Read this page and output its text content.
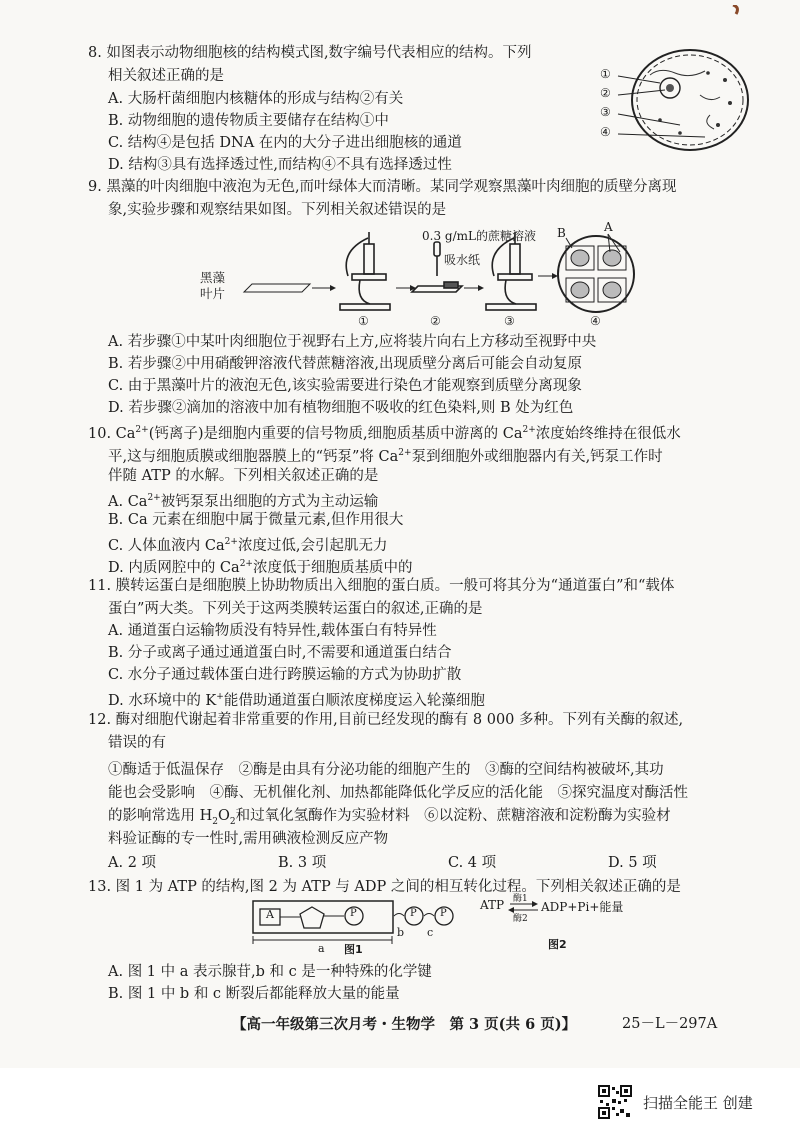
8. 如图表示动物细胞核的结构模式图,数字编号代表相应的结构。下列
相关叙述正确的是
A. 大肠杆菌细胞内核糖体的形成与结构②有关
B. 动物细胞的遗传物质主要储存在结构①中
C. 结构④是包括 DNA 在内的大分子进出细胞核的通道
D. 结构③具有选择透过性,而结构④不具有选择透过性
①
②
③
④
9. 黑藻的叶肉细胞中液泡为无色,而叶绿体大而清晰。某同学观察黑藻叶肉细胞的质壁分离现
象,实验步骤和观察结果如图。下列相关叙述错误的是
黑藻
叶片
0.3 g/mL的蔗糖溶液
吸水纸
①	②	③	④
B	A
A. 若步骤①中某叶肉细胞位于视野右上方,应将装片向右上方移动至视野中央
B. 若步骤②中用硝酸钾溶液代替蔗糖溶液,出现质壁分离后可能会自动复原
C. 由于黑藻叶片的液泡无色,该实验需要进行染色才能观察到质壁分离现象
D. 若步骤②滴加的溶液中加有植物细胞不吸收的红色染料,则 B 处为红色
10. $Ca^{2+}$(钙离子)是细胞内重要的信号物质,细胞质基质中游离的 $Ca^{2+}$浓度始终维持在很低水
平,这与细胞质膜或细胞器膜上的“钙泵”将 $Ca^{2+}$泵到细胞外或细胞器内有关,钙泵工作时
伴随 ATP 的水解。下列相关叙述正确的是
A. $Ca^{2+}$被钙泵泵出细胞的方式为主动运输
B. Ca 元素在细胞中属于微量元素,但作用很大
C. 人体血液内 $Ca^{2+}$浓度过低,会引起肌无力
D. 内质网腔中的 $Ca^{2+}$浓度低于细胞质基质中的
11. 膜转运蛋白是细胞膜上协助物质出入细胞的蛋白质。一般可将其分为“通道蛋白”和“载体
蛋白”两大类。下列关于这两类膜转运蛋白的叙述,正确的是
A. 通道蛋白运输物质没有特异性,载体蛋白有特异性
B. 分子或离子通过通道蛋白时,不需要和通道蛋白结合
C. 水分子通过载体蛋白进行跨膜运输的方式为协助扩散
D. 水环境中的 K+能借助通道蛋白顺浓度梯度运入轮藻细胞
12. 酶对细胞代谢起着非常重要的作用,目前已经发现的酶有 8 000 多种。下列有关酶的叙述,
错误的有
①酶适于低温保存　②酶是由具有分泌功能的细胞产生的　③酶的空间结构被破坏,其功
能也会受影响　④酶、无机催化剂、加热都能降低化学反应的活化能　⑤探究温度对酶活性
的影响常选用 $H_2O_2$和过氧化氢酶作为实验材料　⑥以淀粉、蔗糖溶液和淀粉酶为实验材
料验证酶的专一性时,需用碘液检测反应产物
A. 2 项	B. 3 项	C. 4 项	D. 5 项
13. 图 1 为 ATP 的结构,图 2 为 ATP 与 ADP 之间的相互转化过程。下列相关叙述正确的是
A	P	P P
b c
a 图1
ATP 酶1
酶2
ADP+Pi+能量
图2
A. 图 1 中 a 表示腺苷,b 和 c 是一种特殊的化学键
B. 图 1 中 b 和 c 断裂后都能释放大量的能量
【高一年级第三次月考・生物学　第 3 页(共 6 页)】	25－L－297A
扫描全能王 创建
